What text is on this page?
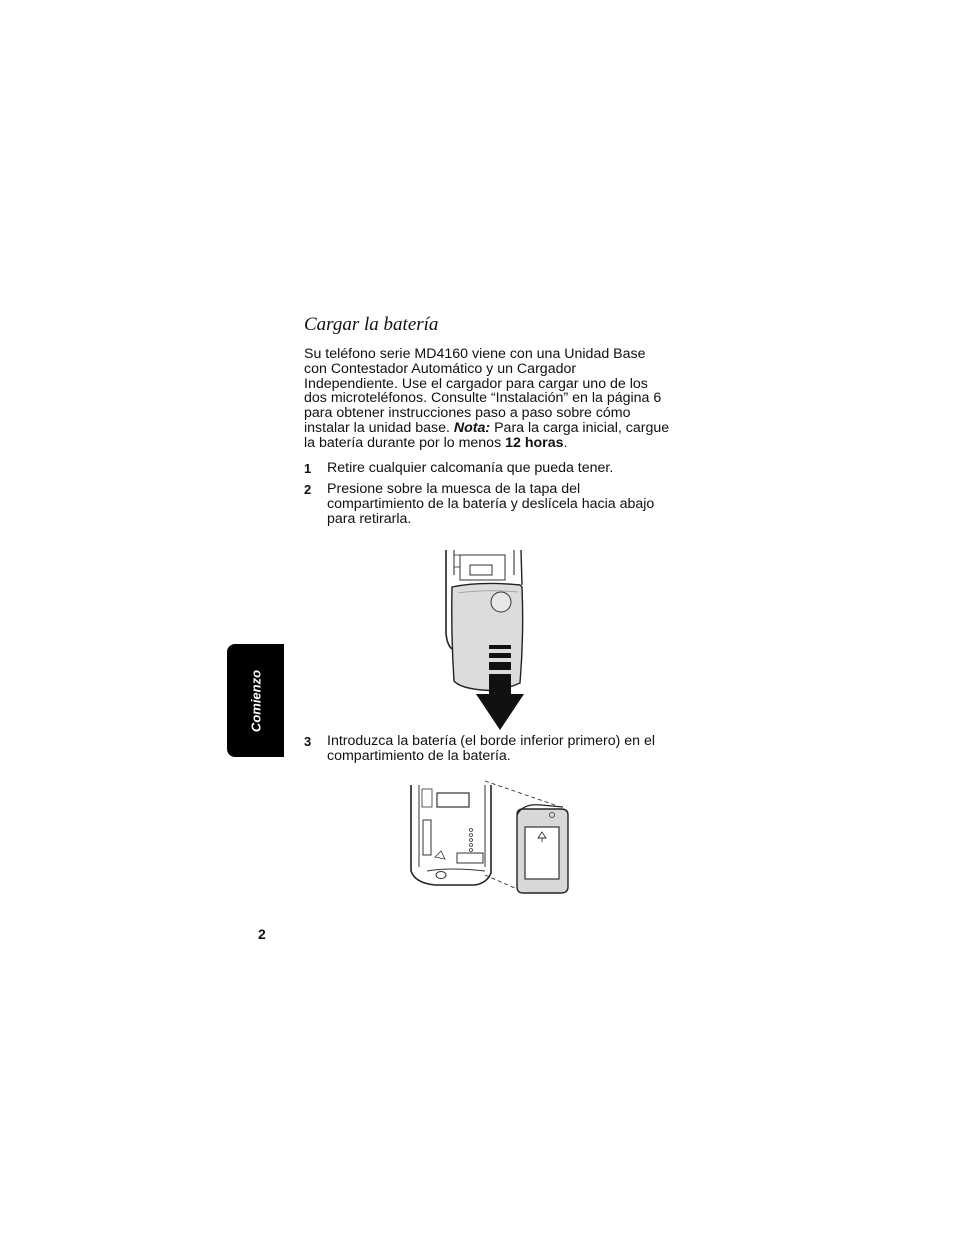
Cargar la batería

Su teléfono serie MD4160 viene con una Unidad Base con Contestador Automático y un Cargador Independiente. Use el cargador para cargar uno de los dos microteléfonos. Consulte “Instalación” en la página 6 para obtener instrucciones paso a paso sobre cómo instalar la unidad base. Nota: Para la carga inicial, cargue la batería durante por lo menos 12 horas.

1 Retire cualquier calcomanía que pueda tener.
2 Presione sobre la muesca de la tapa del compartimiento de la batería y deslícela hacia abajo para retirarla.
3 Introduzca la batería (el borde inferior primero) en el compartimiento de la batería.
Comienzo
2
